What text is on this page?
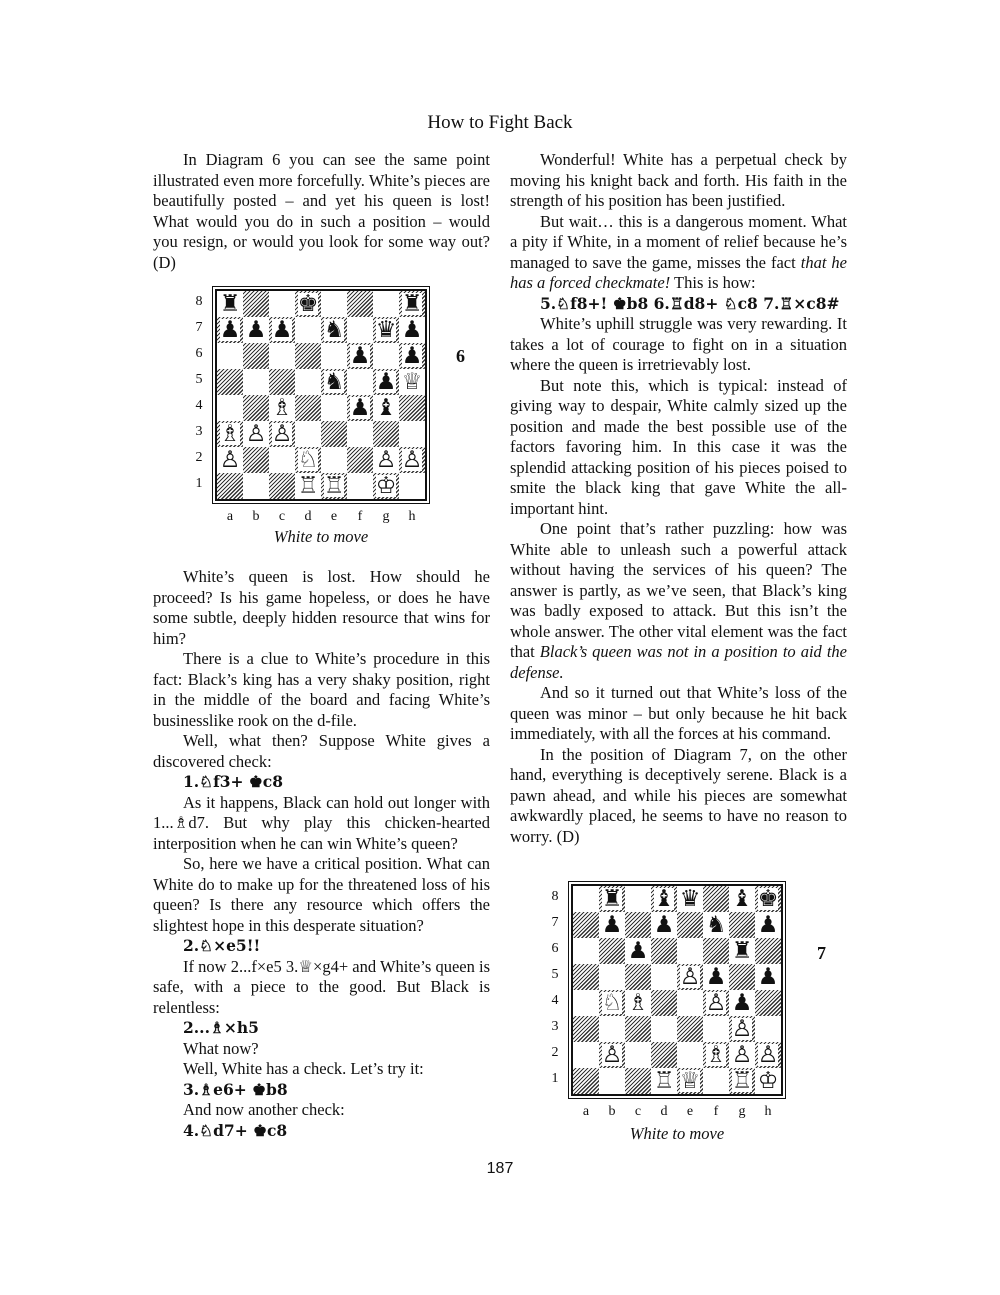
How to Fight Back

In Diagram 6 you can see the same point illustrated even more forcefully. White’s pieces are beautifully posted – and yet his queen is lost! What would you do in such a position – would you resign, or would you look for some way out? (D)

♜ ♚	♜
♟ ♟ ♟ ♞ ♛ ♟
♟ ♟
♞ ♟ ♕
♗ ♟ ♝
♗ ♙ ♙
♙ ♘ ♙ ♙
♖ ♖ ♔
8
7
6
5
4
3
2
1
a	b	c	d	e	f	g	h
6
White to move

White’s queen is lost. How should he proceed? Is his game hopeless, or does he have some subtle, deeply hidden resource that wins for him?

There is a clue to White’s procedure in this fact: Black’s king has a very shaky position, right in the middle of the board and facing White’s businesslike rook on the d-file.

Well, what then? Suppose White gives a discovered check:

1.♘f3+ ♚c8

As it happens, Black can hold out longer with 1...♗d7. But why play this chicken-hearted interposition when he can win White’s queen?

So, here we have a critical position. What can White do to make up for the threatened loss of his queen? Is there any resource which offers the slightest hope in this desperate situation?

2.♘×e5!!

If now 2...f×e5 3.♕×g4+ and White’s queen is safe, with a piece to the good. But Black is relentless:

2...♗×h5

What now?

Well, White has a check. Let’s try it:

3.♗e6+ ♚b8

And now another check:

4.♘d7+ ♚c8

Wonderful! White has a perpetual check by moving his knight back and forth. His faith in the strength of his position has been justified.

But wait… this is a dangerous moment. What a pity if White, in a moment of relief because he’s managed to save the game, misses the fact that he has a forced checkmate! This is how:

5.♘f8+! ♚b8 6.♖d8+ ♘c8 7.♖×c8#

White’s uphill struggle was very rewarding. It takes a lot of courage to fight on in a situation where the queen is irretrievably lost.

But note this, which is typical: instead of giving way to despair, White calmly sized up the position and made the best possible use of the factors favoring him. In this case it was the splendid attacking position of his pieces poised to smite the black king that gave White the all-important hint.

One point that’s rather puzzling: how was White able to unleash such a powerful attack without having the services of his queen? The answer is partly, as we’ve seen, that Black’s king was badly exposed to attack. But this isn’t the whole answer. The other vital element was the fact that Black’s queen was not in a position to aid the defense.

And so it turned out that White’s loss of the queen was minor – but only because he hit back immediately, with all the forces at his command.

In the position of Diagram 7, on the other hand, everything is deceptively serene. Black is a pawn ahead, and while his pieces are somewhat awkwardly placed, he seems to have no reason to worry. (D)

♜ ♝ ♛ ♝ ♚
♟ ♟ ♞ ♟
♟	♜
♙ ♟ ♟
♘ ♗ ♙ ♟
♙
♙	♗ ♙ ♙
♖ ♕ ♖ ♔
8
7
6
5
4
3
2
1
a	b	c	d	e	f	g	h
7
White to move
187
